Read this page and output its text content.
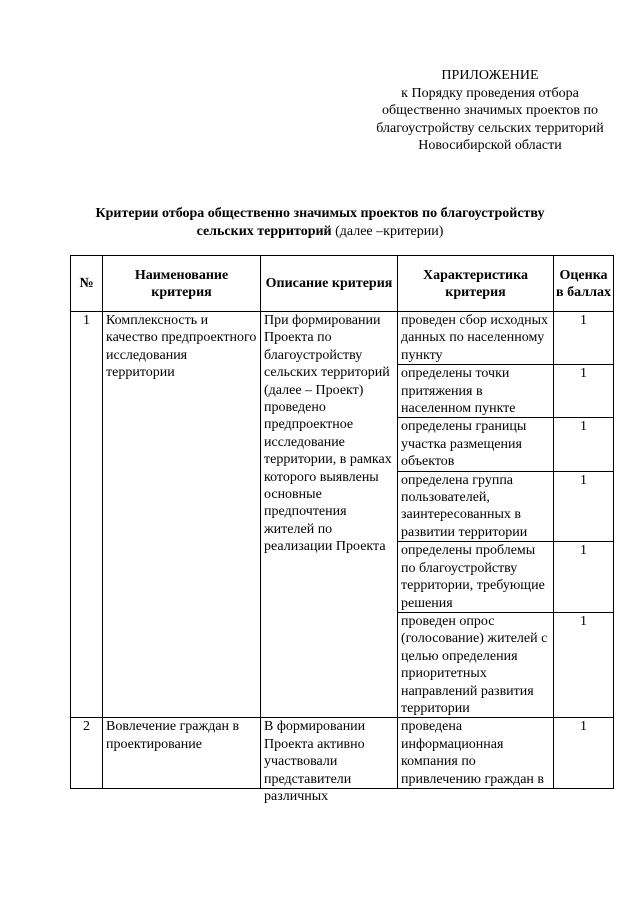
ПРИЛОЖЕНИЕ
к Порядку проведения отбора
общественно значимых проектов по
благоустройству сельских территорий
Новосибирской области
Критерии отбора общественно значимых проектов по благоустройству сельских территорий (далее –критерии)
№	Наименование критерия	Описание критерия	Характеристика критерия	Оценка в баллах
1	Комплексность и качество предпроектного исследования территории	При формировании Проекта по благоустройству сельских территорий (далее – Проект) проведено предпроектное исследование территории, в рамках которого выявлены основные предпочтения жителей по реализации Проекта	проведен сбор исходных данных по населенному пункту	1
			определены точки притяжения в населенном пункте	1
			определены границы участка размещения объектов	1
			определена группа пользователей, заинтересованных в развитии территории	1
			определены проблемы по благоустройству территории, требующие решения	1
			проведен опрос (голосование) жителей с целью определения приоритетных направлений развития территории	1
2	Вовлечение граждан в проектирование	В формировании Проекта активно участвовали представители различных	проведена информационная компания по привлечению граждан в	1
